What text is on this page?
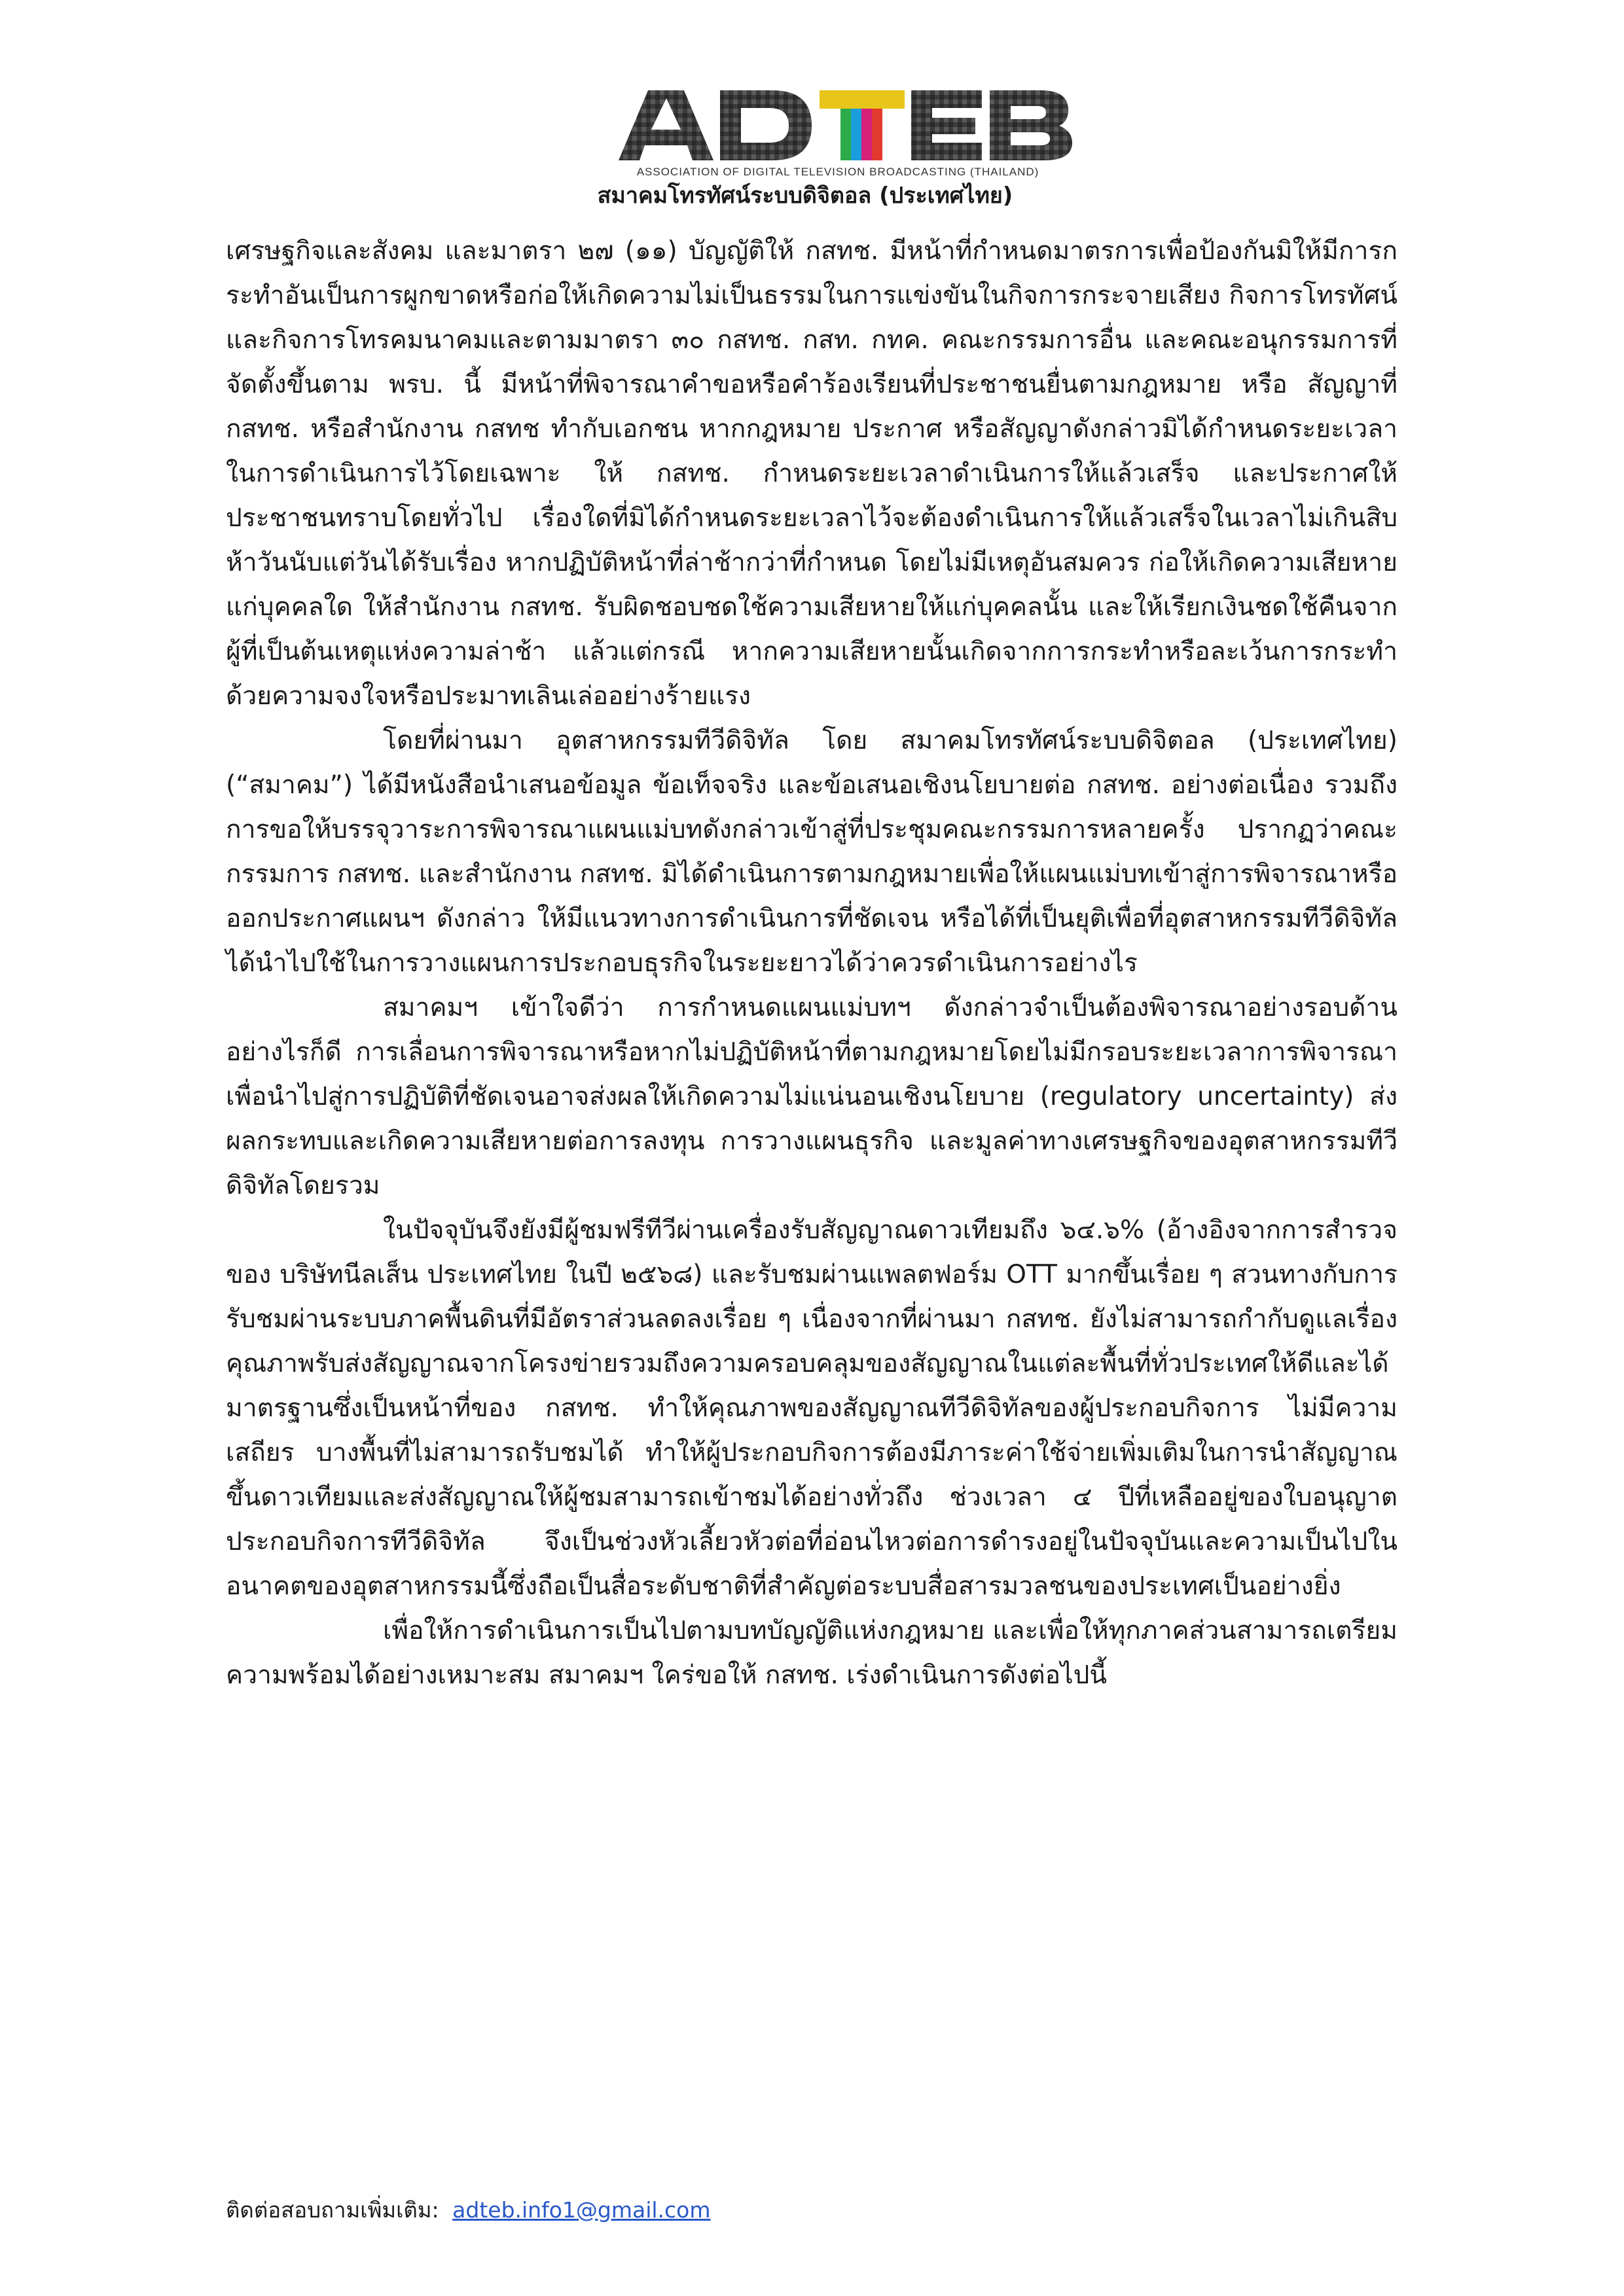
ASSOCIATION OF DIGITAL TELEVISION BROADCASTING (THAILAND)
สมาคมโทรทัศน์ระบบดิจิตอล (ประเทศไทย)

เศรษฐกิจและสังคม และมาตรา ๒๗ (๑๑) บัญญัติให้ กสทช. มีหน้าที่กำหนดมาตรการเพื่อป้องกันมิให้มีการกระทำอันเป็นการผูกขาดหรือก่อให้เกิดความไม่เป็นธรรมในการแข่งขันในกิจการกระจายเสียง กิจการโทรทัศน์และกิจการโทรคมนาคมและตามมาตรา ๓๐ กสทช. กสท. กทค. คณะกรรมการอื่น และคณะอนุกรรมการที่จัดตั้งขึ้นตาม พรบ. นี้ มีหน้าที่พิจารณาคำขอหรือคำร้องเรียนที่ประชาชนยื่นตามกฎหมาย หรือ สัญญาที่ กสทช. หรือสำนักงาน กสทช ทำกับเอกชน หากกฎหมาย ประกาศ หรือสัญญาดังกล่าวมิได้กำหนดระยะเวลาในการดำเนินการไว้โดยเฉพาะ ให้ กสทช. กำหนดระยะเวลาดำเนินการให้แล้วเสร็จ และประกาศให้ประชาชนทราบโดยทั่วไป เรื่องใดที่มิได้กำหนดระยะเวลาไว้จะต้องดำเนินการให้แล้วเสร็จในเวลาไม่เกินสิบห้าวันนับแต่วันได้รับเรื่อง หากปฏิบัติหน้าที่ล่าช้ากว่าที่กำหนด โดยไม่มีเหตุอันสมควร ก่อให้เกิดความเสียหายแก่บุคคลใด ให้สำนักงาน กสทช. รับผิดชอบชดใช้ความเสียหายให้แก่บุคคลนั้น และให้เรียกเงินชดใช้คืนจากผู้ที่เป็นต้นเหตุแห่งความล่าช้า แล้วแต่กรณี หากความเสียหายนั้นเกิดจากการกระทำหรือละเว้นการกระทำด้วยความจงใจหรือประมาทเลินเล่ออย่างร้ายแรง

โดยที่ผ่านมา อุตสาหกรรมทีวีดิจิทัล โดย สมาคมโทรทัศน์ระบบดิจิตอล (ประเทศไทย) (“สมาคม”) ได้มีหนังสือนำเสนอข้อมูล ข้อเท็จจริง และข้อเสนอเชิงนโยบายต่อ กสทช. อย่างต่อเนื่อง รวมถึงการขอให้บรรจุวาระการพิจารณาแผนแม่บทดังกล่าวเข้าสู่ที่ประชุมคณะกรรมการหลายครั้ง ปรากฏว่าคณะกรรมการ กสทช. และสำนักงาน กสทช. มิได้ดำเนินการตามกฎหมายเพื่อให้แผนแม่บทเข้าสู่การพิจารณาหรือออกประกาศแผนฯ ดังกล่าว ให้มีแนวทางการดำเนินการที่ชัดเจน หรือได้ที่เป็นยุติเพื่อที่อุตสาหกรรมทีวีดิจิทัลได้นำไปใช้ในการวางแผนการประกอบธุรกิจในระยะยาวได้ว่าควรดำเนินการอย่างไร

สมาคมฯ เข้าใจดีว่า การกำหนดแผนแม่บทฯ ดังกล่าวจำเป็นต้องพิจารณาอย่างรอบด้าน อย่างไรก็ดี การเลื่อนการพิจารณาหรือหากไม่ปฏิบัติหน้าที่ตามกฎหมายโดยไม่มีกรอบระยะเวลาการพิจารณาเพื่อนำไปสู่การปฏิบัติที่ชัดเจนอาจส่งผลให้เกิดความไม่แน่นอนเชิงนโยบาย (regulatory uncertainty) ส่งผลกระทบและเกิดความเสียหายต่อการลงทุน การวางแผนธุรกิจ และมูลค่าทางเศรษฐกิจของอุตสาหกรรมทีวีดิจิทัลโดยรวม

ในปัจจุบันจึงยังมีผู้ชมฟรีทีวีผ่านเครื่องรับสัญญาณดาวเทียมถึง ๖๔.๖% (อ้างอิงจากการสำรวจของ บริษัทนีลเส็น ประเทศไทย ในปี ๒๕๖๘) และรับชมผ่านแพลตฟอร์ม OTT มากขึ้นเรื่อย ๆ สวนทางกับการ รับชมผ่านระบบภาคพื้นดินที่มีอัตราส่วนลดลงเรื่อย ๆ เนื่องจากที่ผ่านมา กสทช. ยังไม่สามารถกำกับดูแลเรื่องคุณภาพรับส่งสัญญาณจากโครงข่ายรวมถึงความครอบคลุมของสัญญาณในแต่ละพื้นที่ทั่วประเทศให้ดีและได้มาตรฐานซึ่งเป็นหน้าที่ของ กสทช. ทำให้คุณภาพของสัญญาณทีวีดิจิทัลของผู้ประกอบกิจการ ไม่มีความเสถียร บางพื้นที่ไม่สามารถรับชมได้ ทำให้ผู้ประกอบกิจการต้องมีภาระค่าใช้จ่ายเพิ่มเติมในการนำสัญญาณขึ้นดาวเทียมและส่งสัญญาณให้ผู้ชมสามารถเข้าชมได้อย่างทั่วถึง ช่วงเวลา ๔ ปีที่เหลืออยู่ของใบอนุญาตประกอบกิจการทีวีดิจิทัล จึงเป็นช่วงหัวเลี้ยวหัวต่อที่อ่อนไหวต่อการดำรงอยู่ในปัจจุบันและความเป็นไปในอนาคตของอุตสาหกรรมนี้ซึ่งถือเป็นสื่อระดับชาติที่สำคัญต่อระบบสื่อสารมวลชนของประเทศเป็นอย่างยิ่ง

เพื่อให้การดำเนินการเป็นไปตามบทบัญญัติแห่งกฎหมาย และเพื่อให้ทุกภาคส่วนสามารถเตรียมความพร้อมได้อย่างเหมาะสม สมาคมฯ ใคร่ขอให้ กสทช. เร่งดำเนินการดังต่อไปนี้

ติดต่อสอบถามเพิ่มเติม: adteb.info1@gmail.com
